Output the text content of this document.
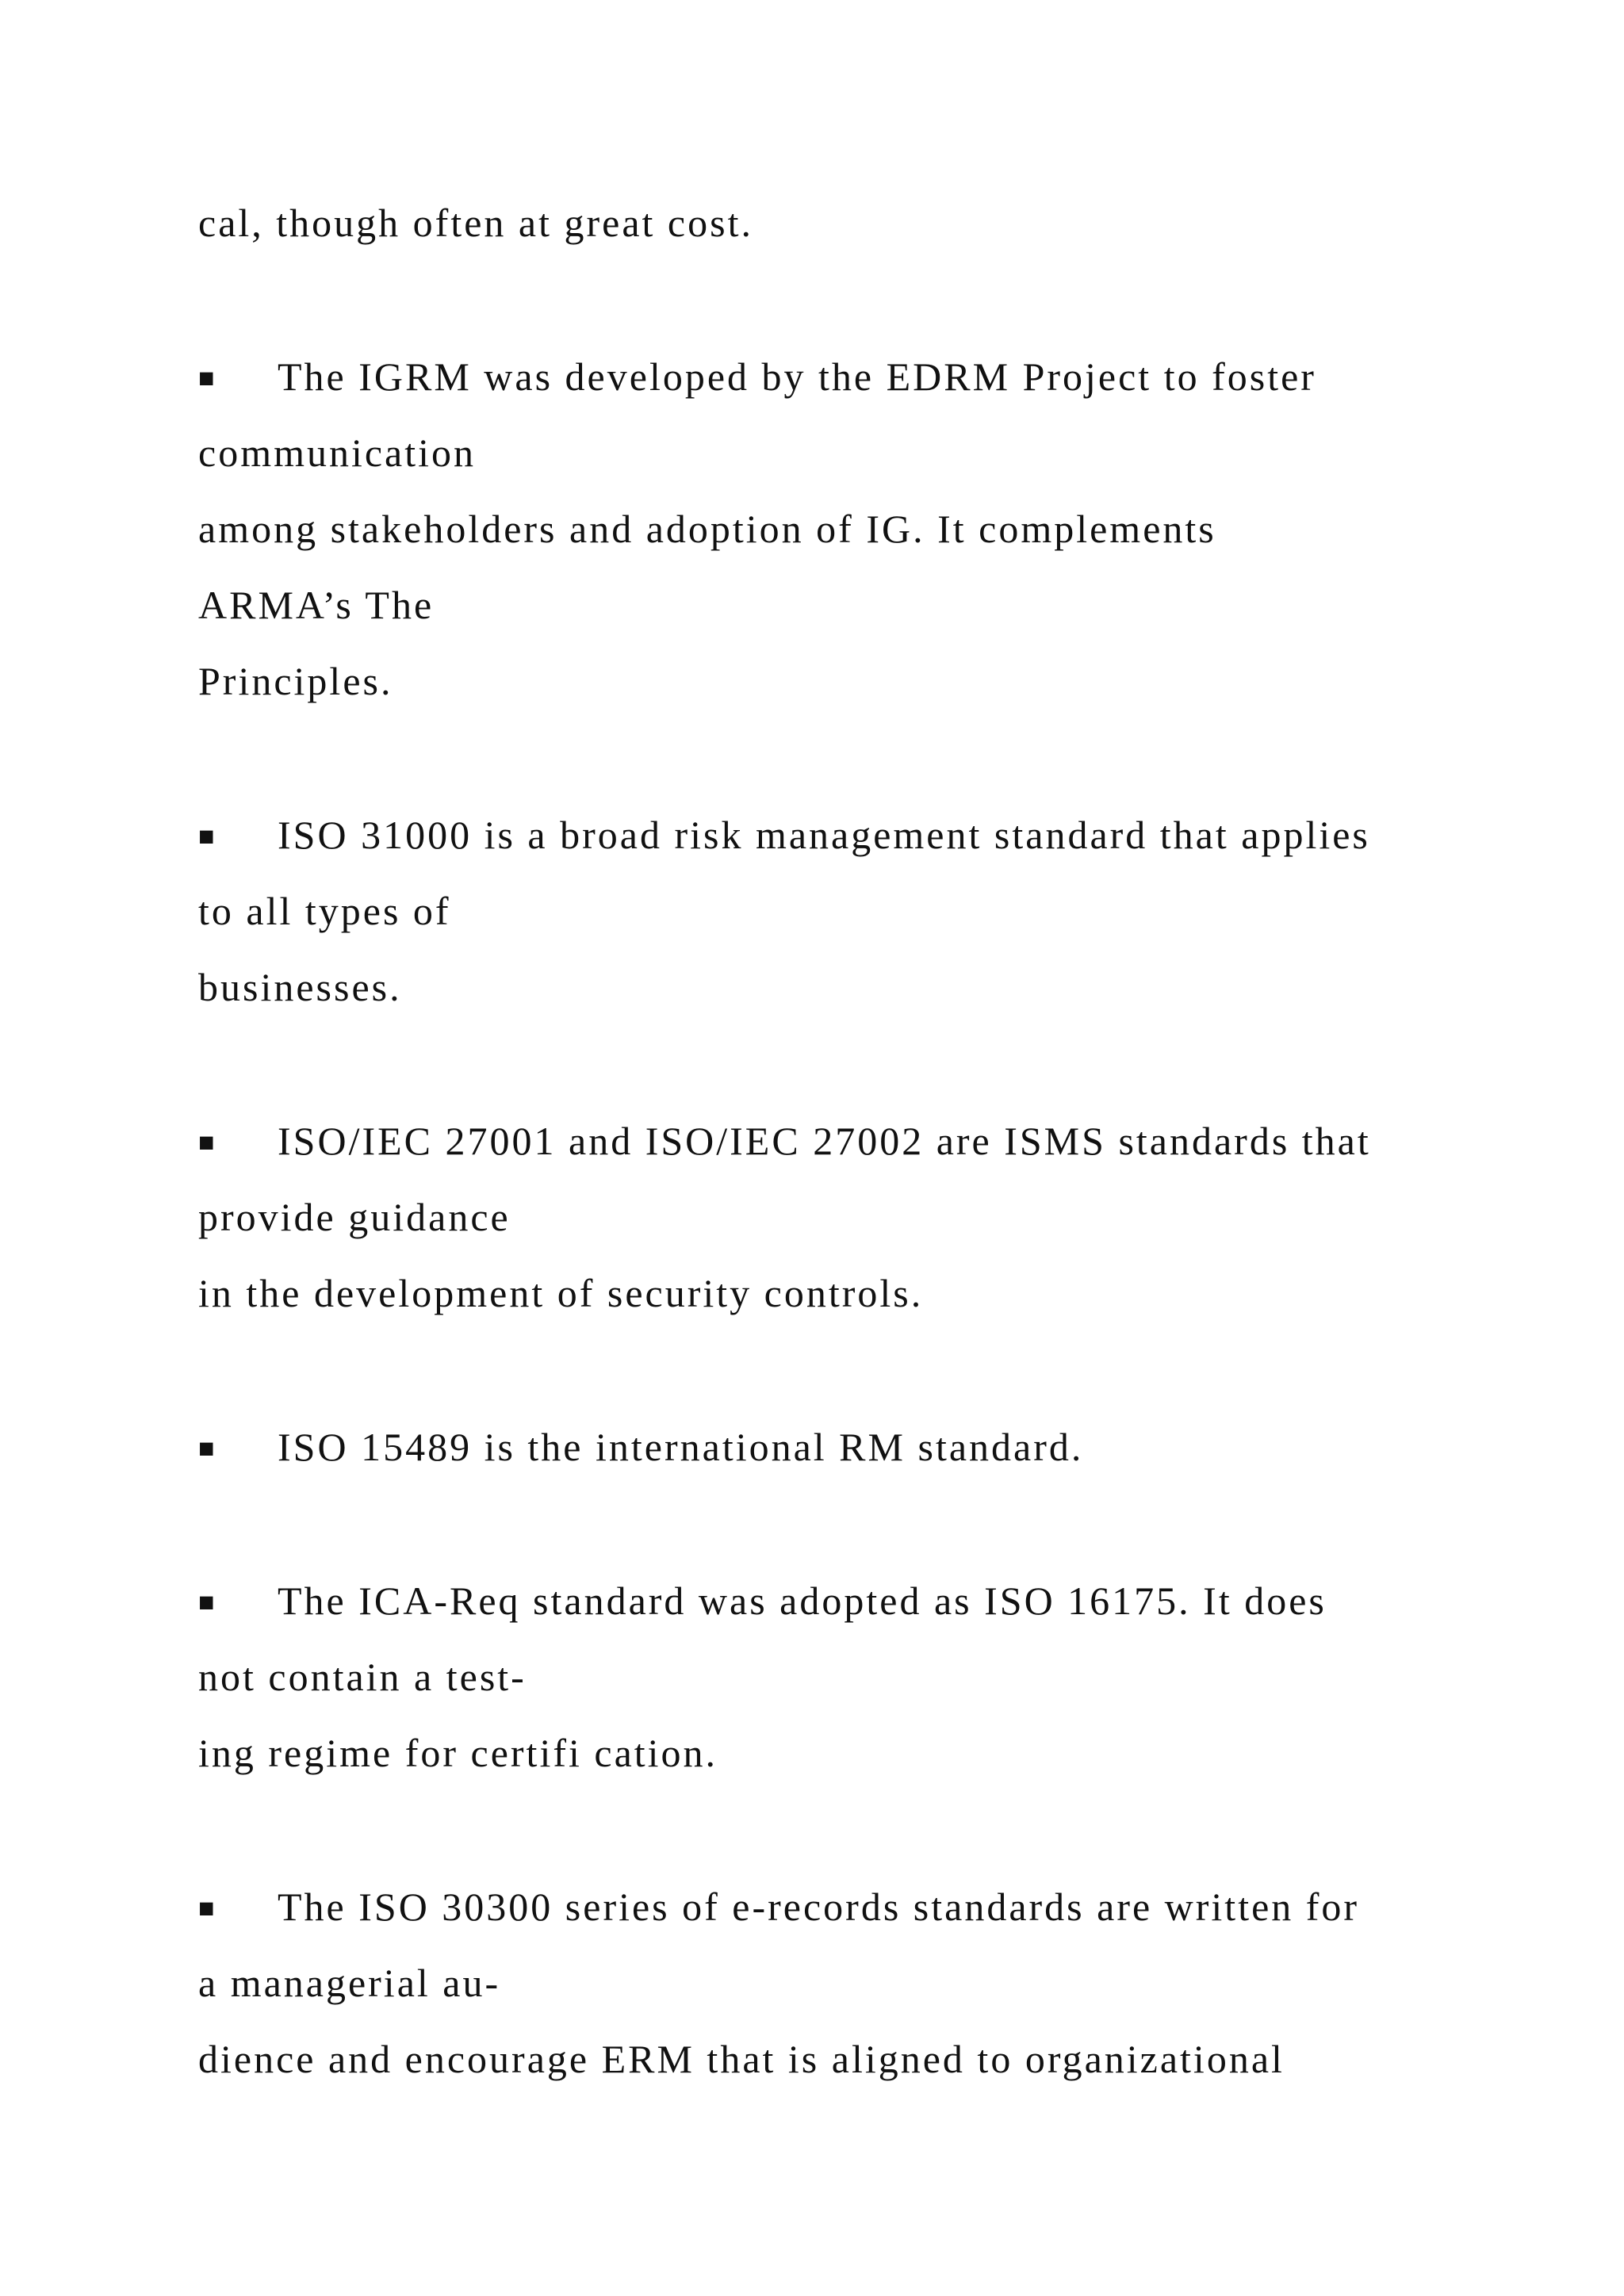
cal, though often at great cost.
■ The IGRM was developed by the EDRM Project to foster
communication
among stakeholders and adoption of IG. It complements
ARMA’s The
Principles.
■ ISO 31000 is a broad risk management standard that applies
to all types of
businesses.
■ ISO/IEC 27001 and ISO/IEC 27002 are ISMS standards that
provide guidance
in the development of security controls.
■ ISO 15489 is the international RM standard.
■ The ICA-Req standard was adopted as ISO 16175. It does
not contain a test-
ing regime for certifi cation.
■ The ISO 30300 series of e-records standards are written for
a managerial au-
dience and encourage ERM that is aligned to organizational
